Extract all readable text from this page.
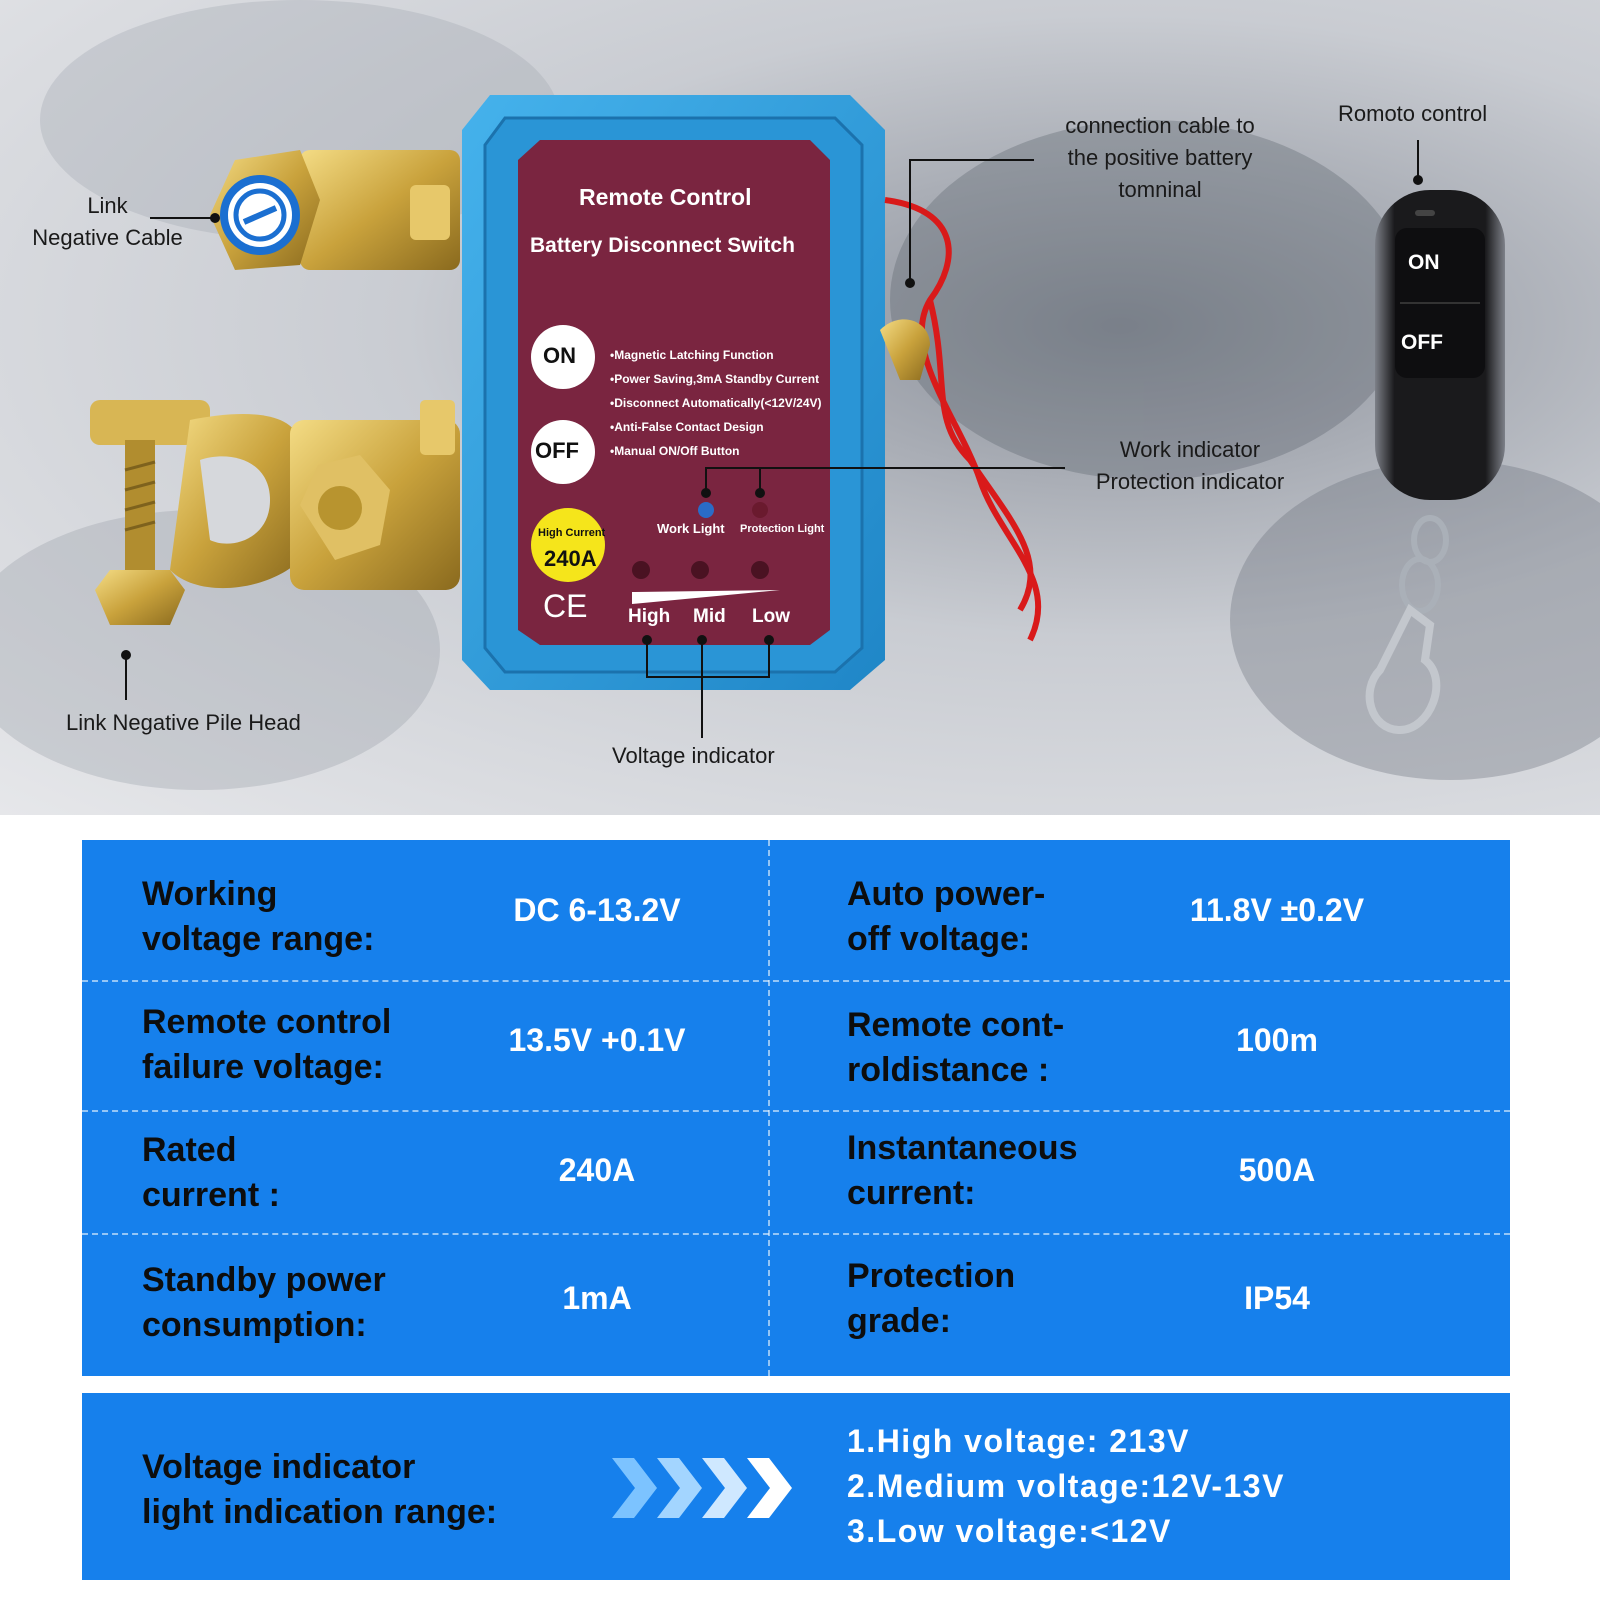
Remote Control
Battery Disconnect Switch
ON
OFF
•Magnetic Latching Function
•Power Saving,3mA Standby Current
•Disconnect Automatically(<12V/24V)
•Anti-False Contact Design
•Manual ON/Off Button
Work Light Protection Light
High Current
240A
CE High Mid Low
ON
OFF
Link
Negative Cable
Link Negative Pile Head
connection cable to
the positive battery
tomninal
Romoto control
Work indicator
Protection indicator
Voltage indicator
Working
voltage range:
DC 6-13.2V	Auto power-
off voltage:
11.8V ±0.2V
Remote control
failure voltage:
13.5V +0.1V	Remote cont-
roldistance :
100m
Rated
current :
240A
Instantaneous
current:
500A
Standby power
consumption:
1mA
Protection
grade:
IP54
Voltage indicator
light indication range:
1.High voltage: 213V
2.Medium voltage:12V-13V
3.Low voltage:<12V
